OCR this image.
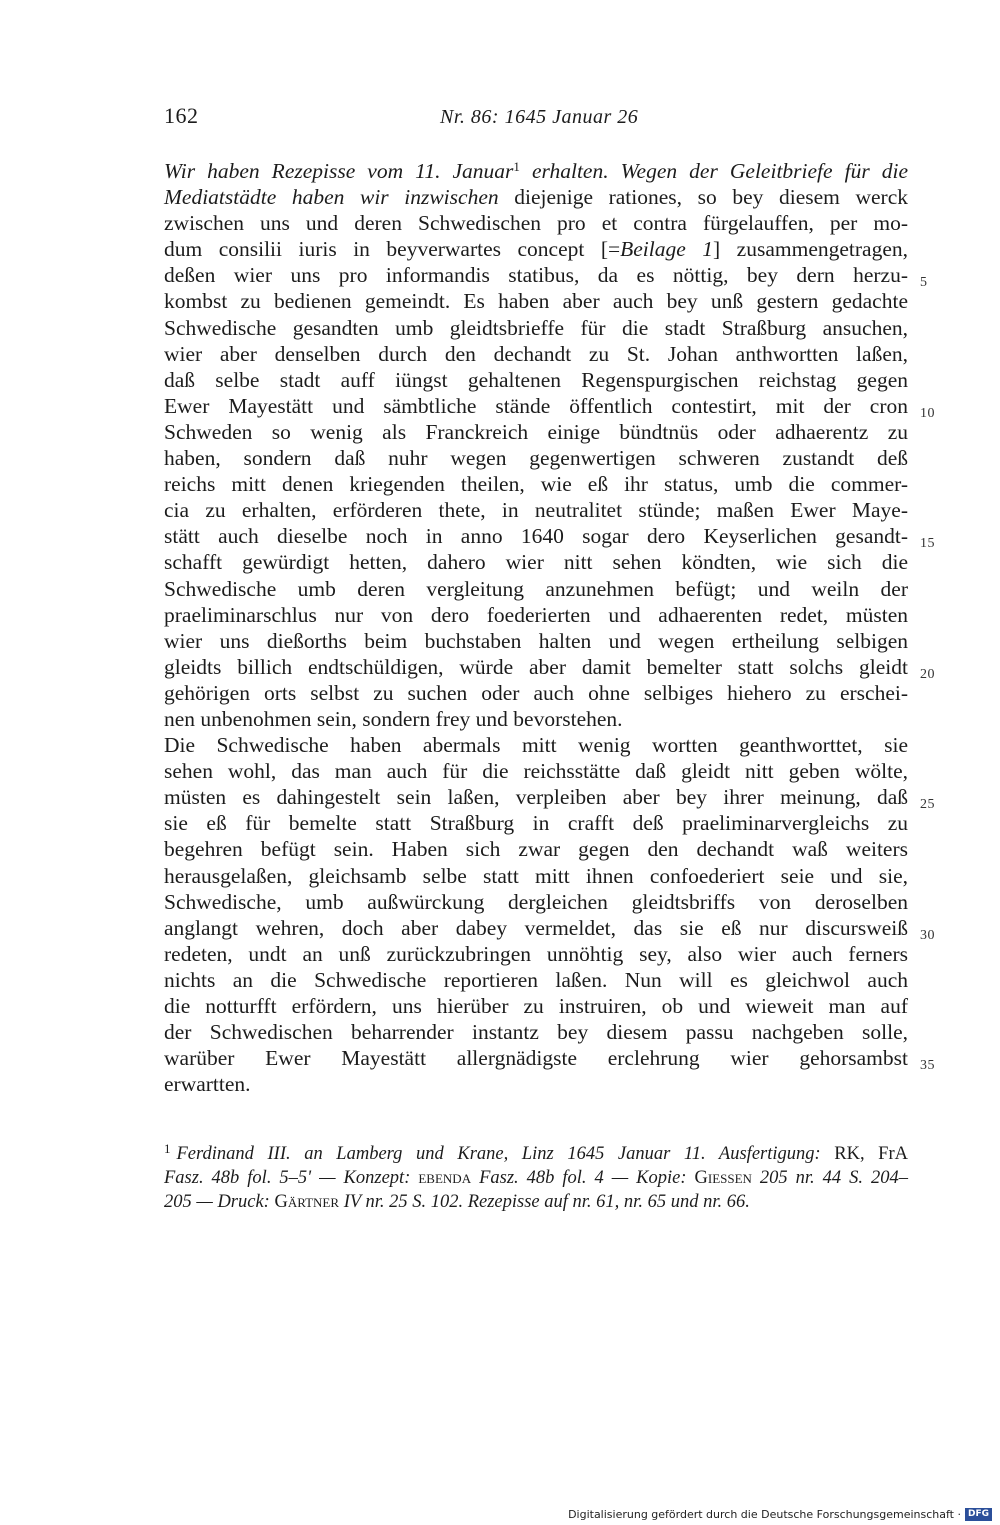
162	Nr. 86: 1645 Januar 26
Wir haben Rezepisse vom 11. Januar$^1$ erhalten. Wegen der Geleitbriefe für die
Mediatstädte haben wir inzwischen diejenige rationes, so bey diesem werck
zwischen uns und deren Schwedischen pro et contra fürgelauffen, per mo-
dum consilii iuris in beyverwartes concept [=Beilage 1] zusammengetragen,
deßen wier uns pro informandis statibus, da es nöttig, bey dern herzu-
kombst zu bedienen gemeindt. Es haben aber auch bey unß gestern gedachte
Schwedische gesandten umb gleidtsbrieffe für die stadt Straßburg ansuchen,
wier aber denselben durch den dechandt zu St. Johan anthwortten laßen,
daß selbe stadt auff iüngst gehaltenen Regenspurgischen reichstag gegen
Ewer Mayestätt und sämbtliche stände öffentlich contestirt, mit der cron
Schweden so wenig als Franckreich einige bündtnüs oder adhaerentz zu
haben, sondern daß nuhr wegen gegenwertigen schweren zustandt deß
reichs mitt denen kriegenden theilen, wie eß ihr status, umb die commer-
cia zu erhalten, erförderen thete, in neutralitet stünde; maßen Ewer Maye-
stätt auch dieselbe noch in anno 1640 sogar dero Keyserlichen gesandt-
schafft gewürdigt hetten, dahero wier nitt sehen köndten, wie sich die
Schwedische umb deren vergleitung anzunehmen befügt; und weiln der
praeliminarschlus nur von dero foederierten und adhaerenten redet, müsten
wier uns dießorths beim buchstaben halten und wegen ertheilung selbigen
gleidts billich endtschüldigen, würde aber damit bemelter statt solchs gleidt
gehörigen orts selbst zu suchen oder auch ohne selbiges hiehero zu erschei-
nen unbenohmen sein, sondern frey und bevorstehen.
Die Schwedische haben abermals mitt wenig wortten geanthworttet, sie
sehen wohl, das man auch für die reichsstätte daß gleidt nitt geben wölte,
müsten es dahingestelt sein laßen, verpleiben aber bey ihrer meinung, daß
sie eß für bemelte statt Straßburg in crafft deß praeliminarvergleichs zu
begehren befügt sein. Haben sich zwar gegen den dechandt waß weiters
herausgelaßen, gleichsamb selbe statt mitt ihnen confoederiert seie und sie,
Schwedische, umb außwürckung dergleichen gleidtsbriffs von deroselben
anglangt wehren, doch aber dabey vermeldet, das sie eß nur discursweiß
redeten, undt an unß zurückzubringen unnöhtig sey, also wier auch ferners
nichts an die Schwedische reportieren laßen. Nun will es gleichwol auch
die notturfft erfördern, uns hierüber zu instruiren, ob und wieweit man auf
der Schwedischen beharrender instantz bey diesem passu nachgeben solle,
warüber Ewer Mayestätt allergnädigste erclehrung wier gehorsambst
erwartten.
5
10
15
20
25
30
35
$^1$ Ferdinand III. an Lamberg und Krane, Linz 1645 Januar 11. Ausfertigung: RK, FrA
Fasz. 48b fol. 5–5' — Konzept: ebenda Fasz. 48b fol. 4 — Kopie: Giessen 205 nr. 44 S. 204–
205 — Druck: Gärtner IV nr. 25 S. 102. Rezepisse auf nr. 61, nr. 65 und nr. 66.
Digitalisierung gefördert durch die Deutsche Forschungsgemeinschaft · DFG
